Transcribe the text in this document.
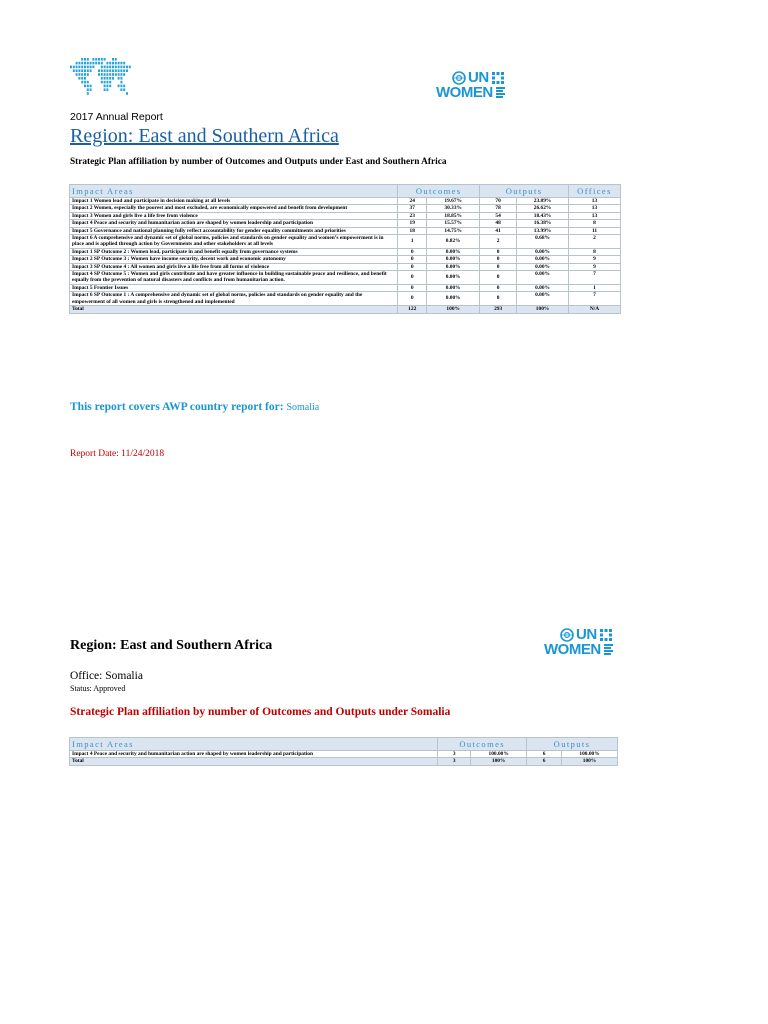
UN
WOMEN
2017 Annual Report
Region: East and Southern Africa
Strategic Plan affiliation by number of Outcomes and Outputs under East and Southern Africa
Impact Areas	Outcomes		Outputs		Offices
Impact 1 Women lead and participate in decision making at all levels	24	19.67%	70	23.89%	13
Impact 2 Women, especially the poorest and most excluded, are economically empowered and benefit from development	37	30.33%	78	26.62%	13
Impact 3 Women and girls live a life free from violence	23	18.85%	54	18.43%	13
Impact 4 Peace and security and humanitarian action are shaped by women leadership and participation	19	15.57%	48	16.38%	8
Impact 5 Governance and national planning fully reflect accountability for gender equality commitments and priorities	18	14.75%	41	13.99%	11
Impact 6 A comprehensive and dynamic set of global norms, policies and standards on gender equality and women’s empowerment is in place and is applied through action by Governments and other stakeholders at all levels	1	0.82%	2	0.68%	2
Impact 1 SP Outcome 2 : Women lead, participate in and benefit equally from governance systems	0	0.00%	0	0.00%	8
Impact 2 SP Outcome 3 : Women have income security, decent work and economic autonomy	0	0.00%	0	0.00%	9
Impact 3 SP Outcome 4 : All women and girls live a life free from all forms of violence	0	0.00%	0	0.00%	9
Impact 4 SP Outcome 5 : Women and girls contribute and have greater influence in building sustainable peace and resilience, and benefit equally from the prevention of natural disasters and conflicts and from humanitarian action.	0	0.00%	0	0.00%	7
Impact 5 Frontier Issues	0	0.00%	0	0.00%	1
Impact 6 SP Outcome 1 : A comprehensive and dynamic set of global norms, policies and standards on gender equality and the empowerment of all women and girls is strengthened and implemented	0	0.00%	0	0.00%	7
Total	122	100%	293	100%	N/A
This report covers AWP country report for: Somalia
Report Date: 11/24/2018
Region: East and Southern Africa
UN
WOMEN
Office: Somalia
Status: Approved
Strategic Plan affiliation by number of Outcomes and Outputs under Somalia
Impact Areas	Outcomes		Outputs	
Impact 4 Peace and security and humanitarian action are shaped by women leadership and participation	3	100.00%	6	100.00%
Total	3	100%	6	100%
